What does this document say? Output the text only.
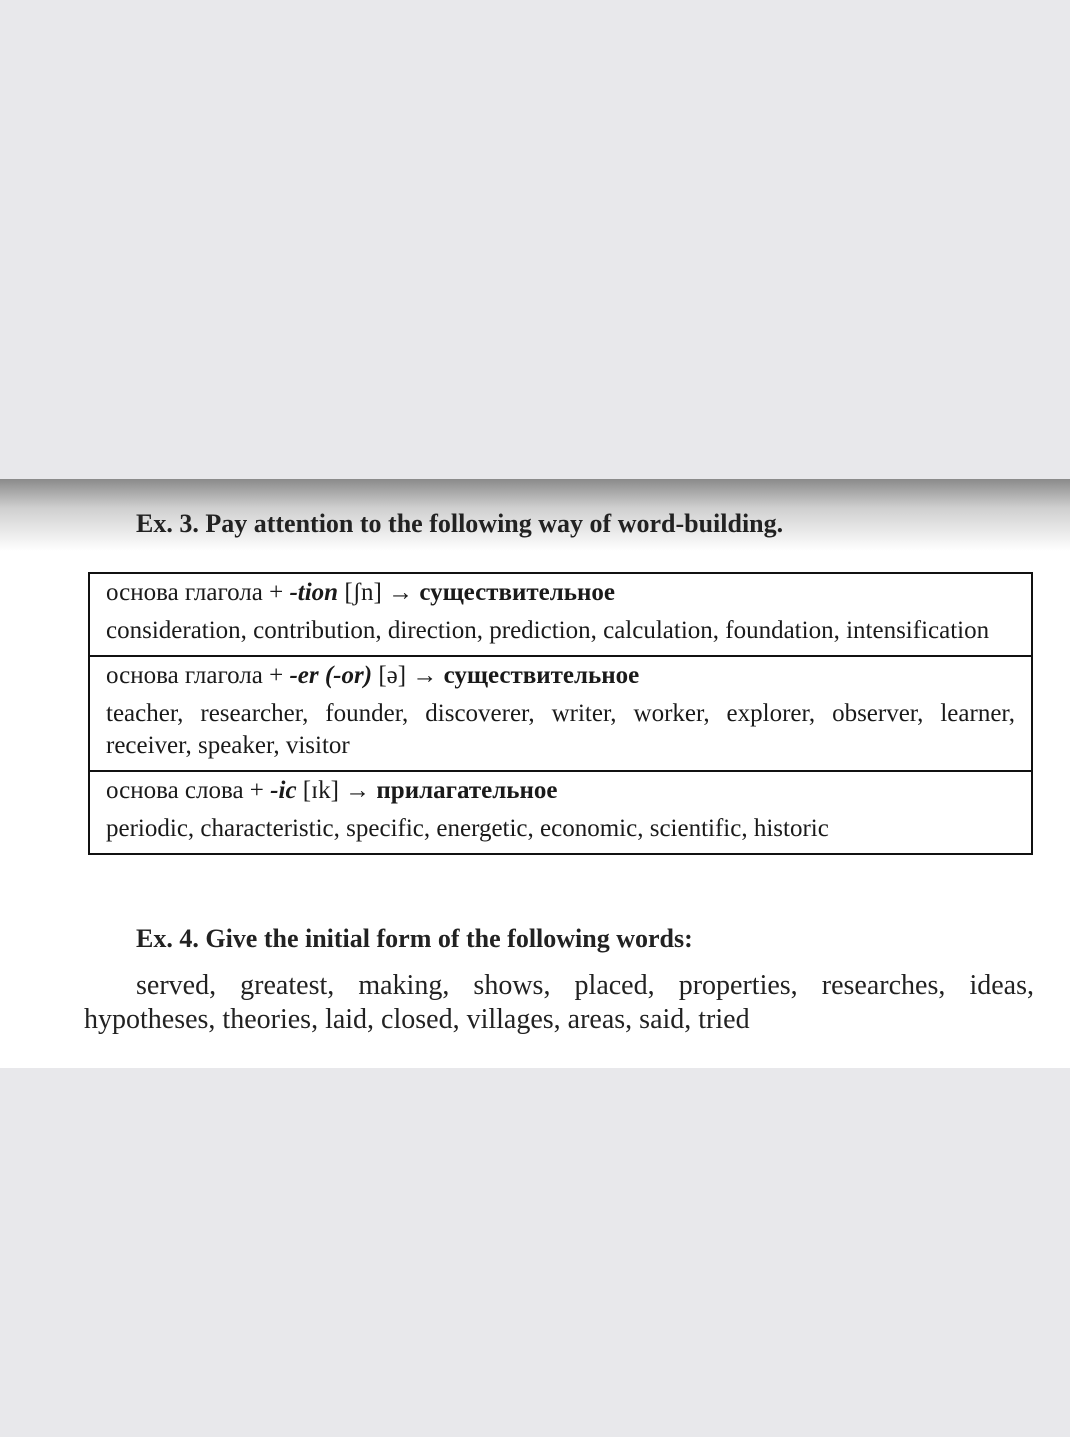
Ex. 3. Pay attention to the following way of word-building.
основа глагола + -tion [ʃn] → существительное
consideration, contribution, direction, prediction, calculation, foundation, intensification
основа глагола + -er (-or) [ə] → существительное
teacher, researcher, founder, discoverer, writer, worker, explorer, observer, learner, receiver, speaker, visitor
основа слова + -ic [ɪk] → прилагательное
periodic, characteristic, specific, energetic, economic, scientific, historic
Ex. 4. Give the initial form of the following words:
served, greatest, making, shows, placed, properties, researches, ideas, hypotheses, theories, laid, closed, villages, areas, said, tried
